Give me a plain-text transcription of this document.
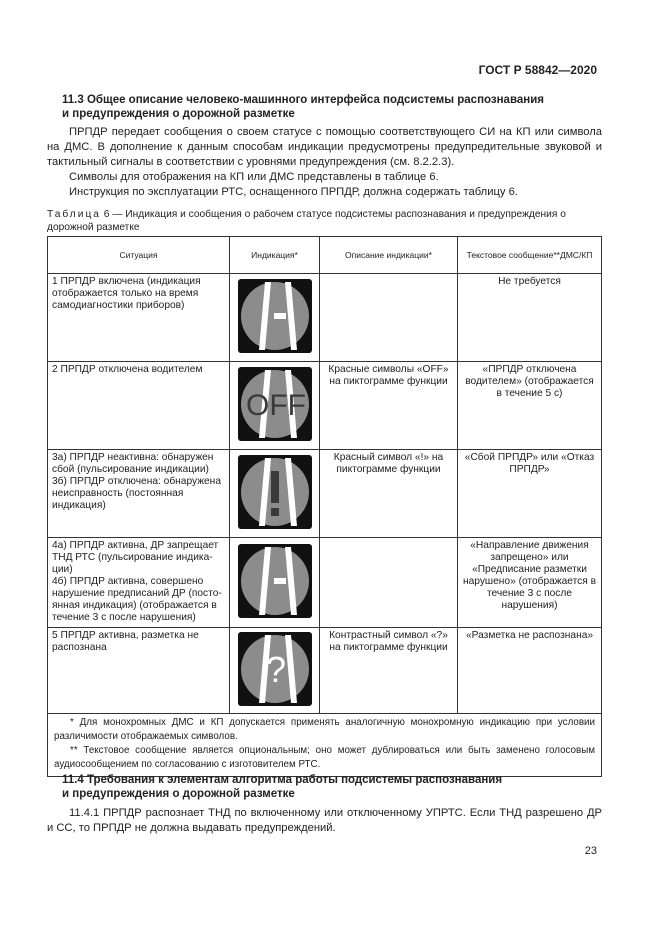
ГОСТ Р 58842—2020
11.3 Общее описание человеко-машинного интерфейса подсистемы распознавания
и предупреждения о дорожной разметке

ПРПДР передает сообщения о своем статусе с помощью соответствующего СИ на КП или символа на ДМС. В дополнение к данным способам индикации предусмотрены предупредительные звуковой и тактильный сигналы в соответствии с уровнями предупреждения (см. 8.2.2.3).

Символы для отображения на КП или ДМС представлены в таблице 6.

Инструкция по эксплуатации РТС, оснащенного ПРПДР, должна содержать таблицу 6.

Таблица 6 — Индикация и сообщения о рабочем статусе подсистемы распознавания и предупреждения о дорожной разметке
Ситуация	Индикация*	Описание индикации*	Текстовое сообщение**ДМС/КП
1 ПРПДР включена (индикация отображается только на время самодиагностики приборов)			Не требуется
2 ПРПДР отключена водителем	OFF	Красные символы «OFF» на пиктограмме функции	«ПРПДР отключена водителем» (отображается в течение 5 с)
3а) ПРПДР неактивна: обнаружен сбой (пульсирование индикации)
3б) ПРПДР отключена: обнаружена неисправность (постоянная индикация)		Красный символ «!» на пиктограмме функции	«Сбой ПРПДР» или «Отказ ПРПДР»
4а) ПРПДР активна, ДР запрещает ТНД РТС (пульсирование индика-ции)
4б) ПРПДР активна, совершено нарушение предписаний ДР (посто-янная индикация) (отображается в течение 3 с после нарушения)			«Направление движения запрещено» или «Предписание разметки нарушено» (отображается в течение 3 с после нарушения)
5 ПРПДР активна, разметка не распознана	?	Контрастный символ «?» на пиктограмме функции	«Разметка не распознана»

* Для монохромных ДМС и КП допускается применять аналогичную монохромную индикацию при условии различимости отображаемых символов.

** Текстовое сообщение является опциональным; оно может дублироваться или быть заменено голосовым аудиосообщением по согласованию с изготовителем РТС.			

11.4 Требования к элементам алгоритма работы подсистемы распознавания
и предупреждения о дорожной разметке

11.4.1 ПРПДР распознает ТНД по включенному или отключенному УПРТС. Если ТНД разрешено ДР и СС, то ПРПДР не должна выдавать предупреждений.

23
